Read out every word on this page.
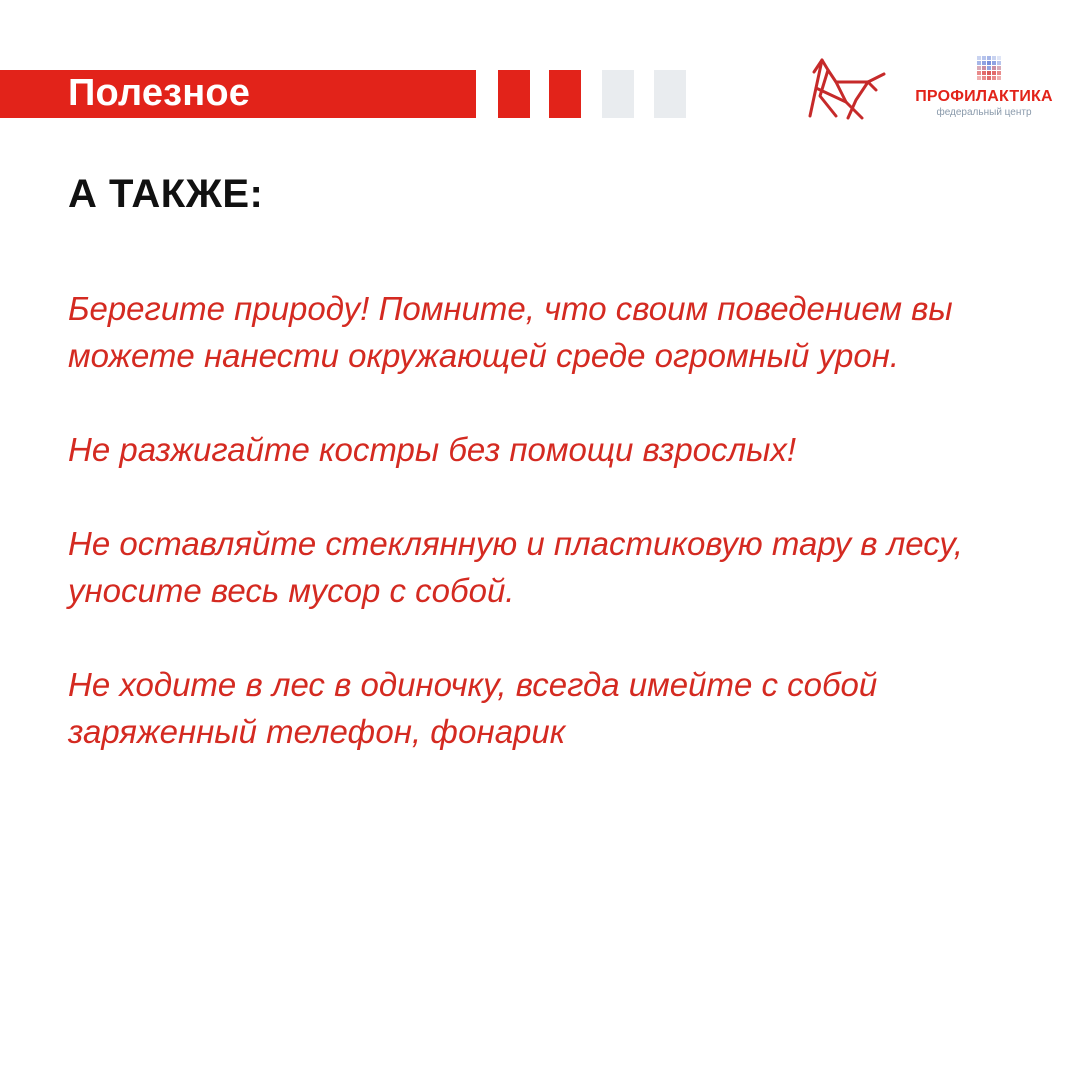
Полезное	ПРОФИЛАКТИКА
федеральный центр
А ТАКЖЕ:

Берегите природу! Помните, что своим поведением вы можете нанести окружающей среде огромный урон.

Не разжигайте костры без помощи взрослых!

Не оставляйте стеклянную и пластиковую тару в лесу, уносите весь мусор с собой.

Не ходите в лес в одиночку, всегда имейте с собой заряженный телефон, фонарик
